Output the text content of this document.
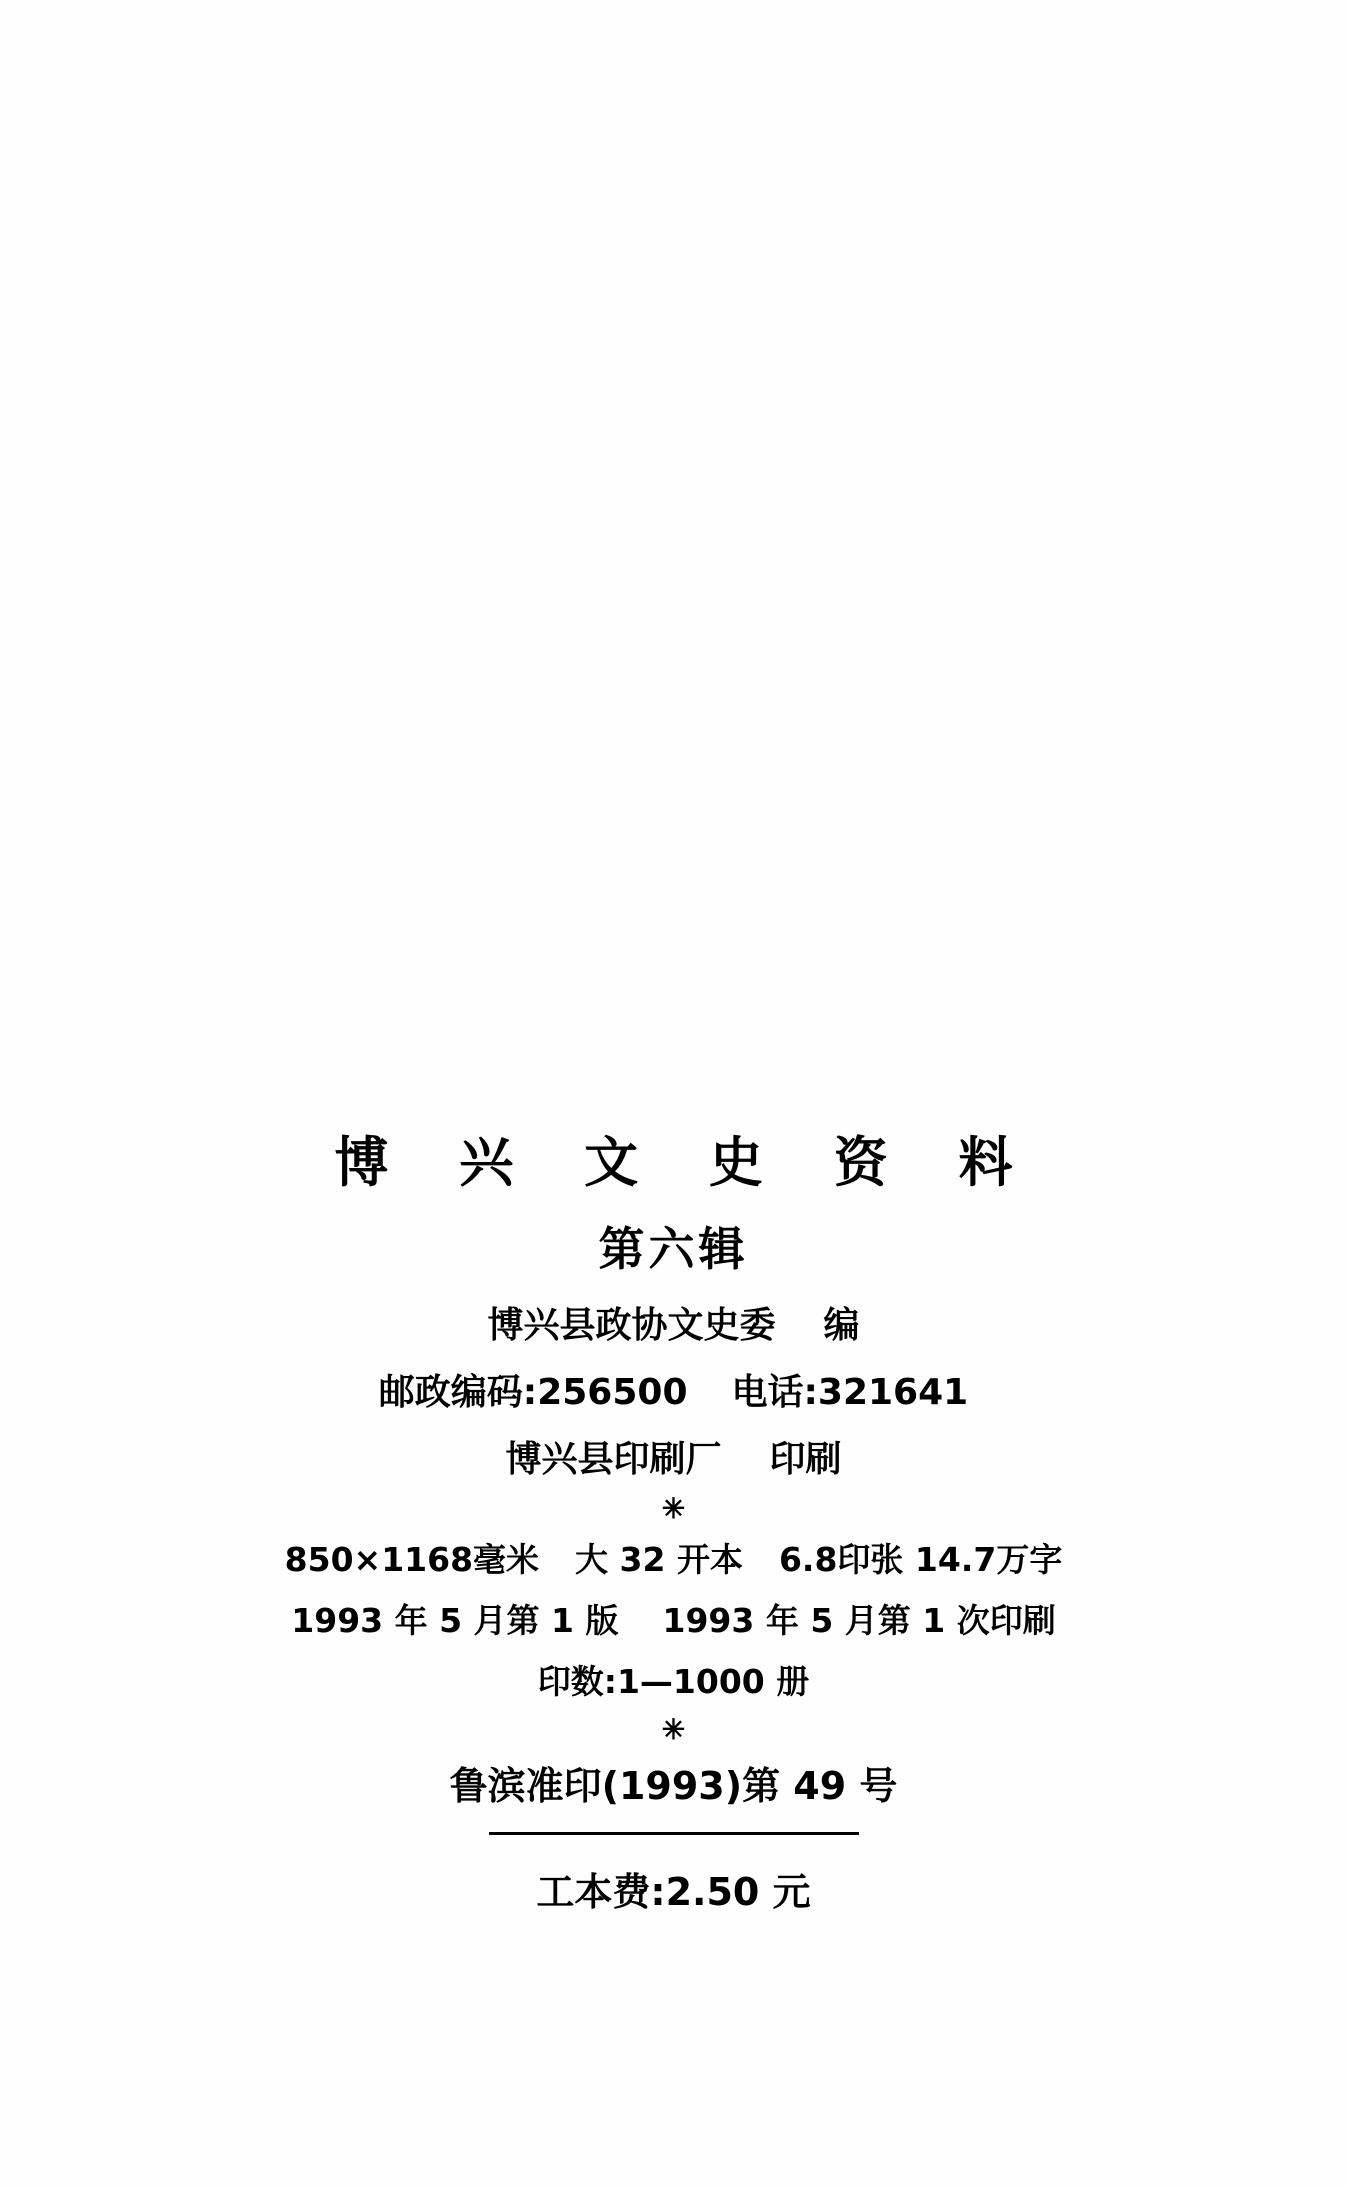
博 兴 文 史 资 料
第六辑
博兴县政协文史委 编
邮政编码:256500 电话:321641
博兴县印刷厂 印刷
✳
850×1168毫米 大 32 开本 6.8印张 14.7万字
1993 年 5 月第 1 版 1993 年 5 月第 1 次印刷
印数:1—1000 册
✳
鲁滨准印(1993)第 49 号
工本费:2.50 元
